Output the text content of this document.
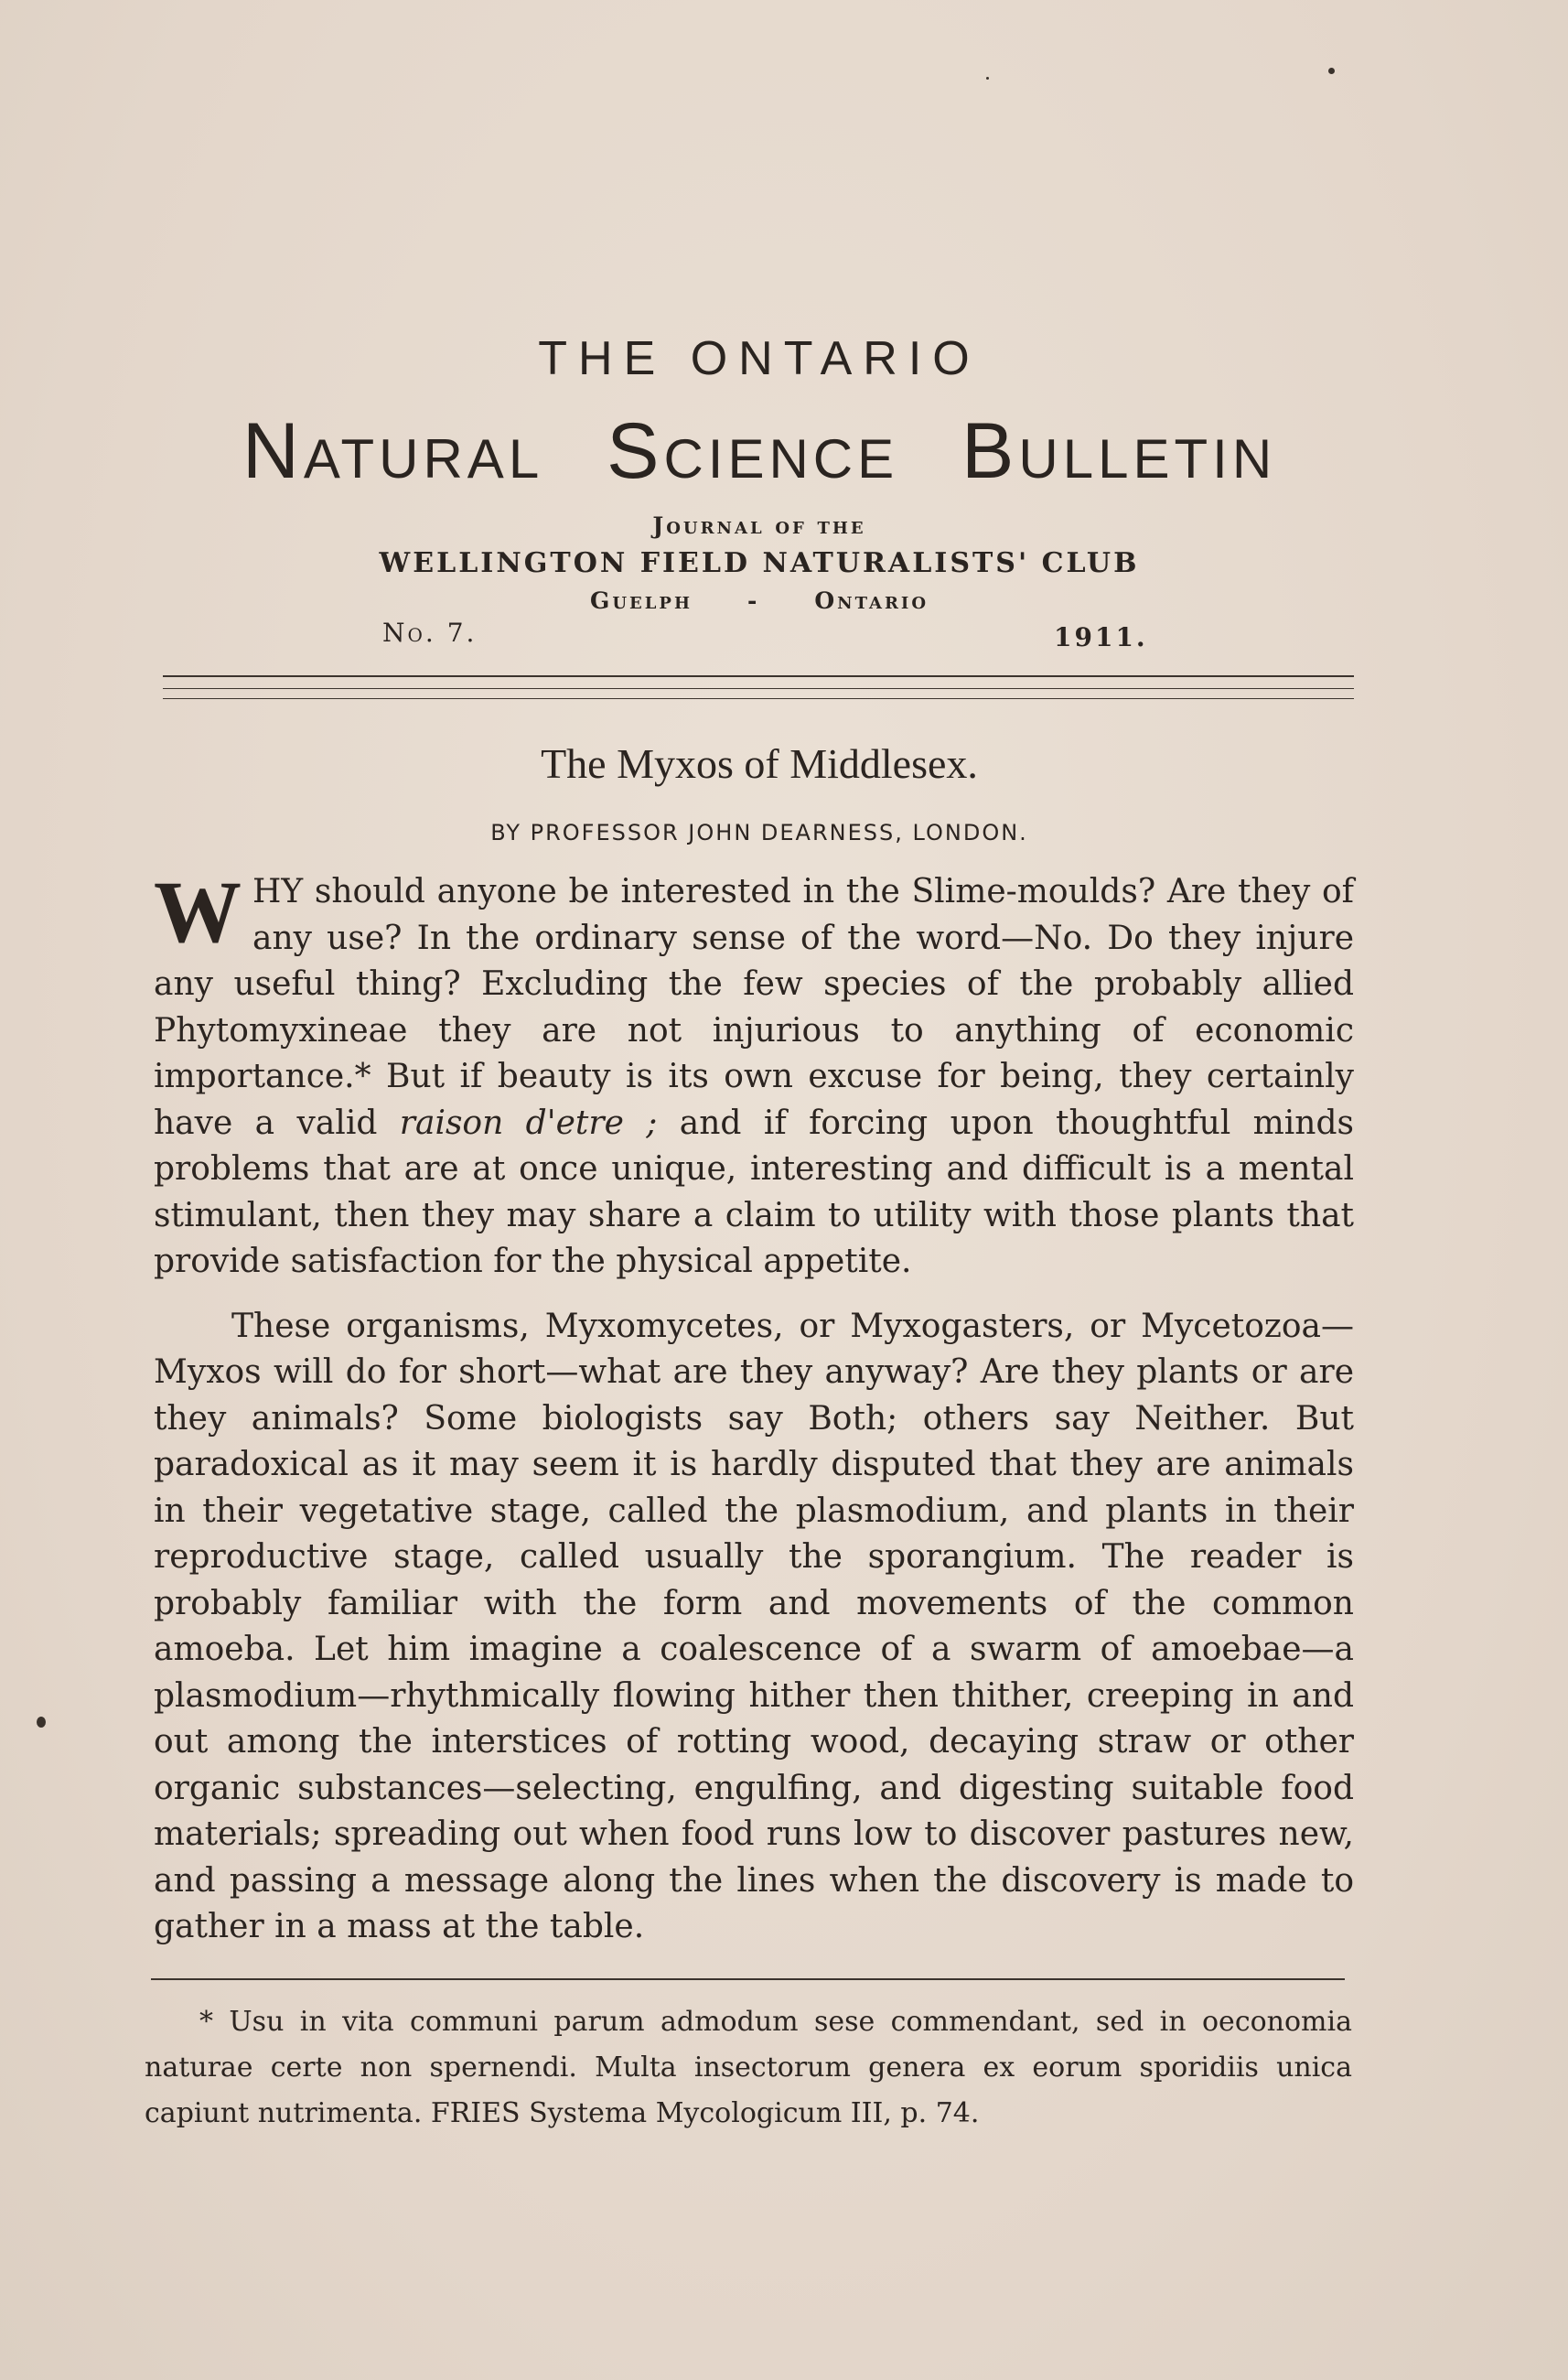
THE ONTARIO
Natural Science Bulletin
Journal of the
WELLINGTON FIELD NATURALISTS' CLUB
Guelph - Ontario
No. 7.	1911.
The Myxos of Middlesex.
BY PROFESSOR JOHN DEARNESS, LONDON.

WHY should anyone be interested in the Slime-moulds? Are they of any use? In the ordinary sense of the word—No. Do they injure any useful thing? Excluding the few species of the probably allied Phytomyxineae they are not injurious to anything of economic importance.* But if beauty is its own excuse for being, they certainly have a valid raison d'etre ; and if forcing upon thoughtful minds problems that are at once unique, interesting and difficult is a mental stimulant, then they may share a claim to utility with those plants that provide satisfaction for the physical appetite.

These organisms, Myxomycetes, or Myxogasters, or Mycetozoa—Myxos will do for short—what are they anyway? Are they plants or are they animals? Some biologists say Both; others say Neither. But paradoxical as it may seem it is hardly disputed that they are animals in their vegetative stage, called the plasmodium, and plants in their reproductive stage, called usually the sporangium. The reader is probably familiar with the form and movements of the common amoeba. Let him imagine a coalescence of a swarm of amoebae—a plasmodium—rhythmically flowing hither then thither, creeping in and out among the interstices of rotting wood, decaying straw or other organic substances—selecting, engulfing, and digesting suitable food materials; spreading out when food runs low to discover pastures new, and passing a message along the lines when the discovery is made to gather in a mass at the table.

* Usu in vita communi parum admodum sese commendant, sed in oeconomia naturae certe non spernendi. Multa insectorum genera ex eorum sporidiis unica capiunt nutrimenta. FRIES Systema Mycologicum III, p. 74.
